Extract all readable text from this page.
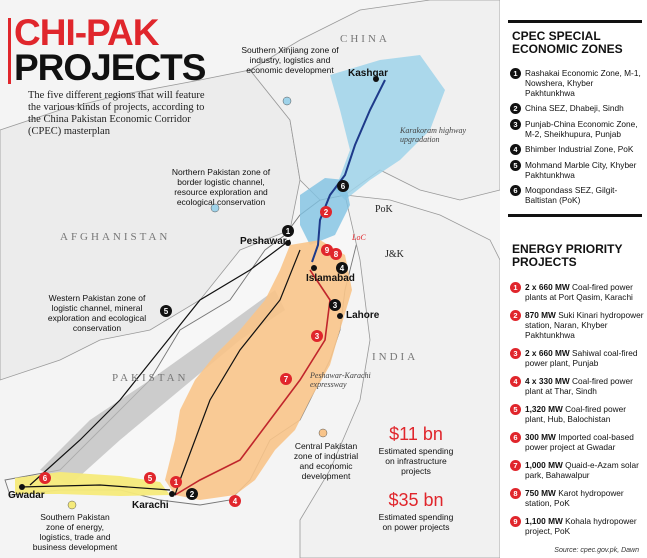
1
2
3
4
5
6
1
2
3
4
5
6
7
8
9
CHI-PAK
PROJECTS
The five different regions that will feature the various kinds of projects, according to the China Pakistan Economic Corridor (CPEC) masterplan
CHINA
AFGHANISTAN
PAKISTAN
INDIA
Kashgar
Peshawar
Islamabad
Lahore
Karachi
Gwadar
PoK
J&K
LoC
Karakoram highway upgradation
Peshawar-Karachi expressway
Southern Xinjiang zone of industry, logistics and economic development
Northern Pakistan zone of border logistic channel, resource exploration and ecological conservation
Western Pakistan zone of logistic channel, mineral exploration and ecological conservation
Central Pakistan zone of industrial and economic development
Southern Pakistan zone of energy, logistics, trade and business development
$11 bn
Estimated spending on infrastructure projects
$35 bn
Estimated spending on power projects
CPEC SPECIAL ECONOMIC ZONES
1 Rashakai Economic Zone, M-1, Nowshera, Khyber Pakhtunkhwa
2 China SEZ, Dhabeji, Sindh
3 Punjab-China Economic Zone, M-2, Sheikhupura, Punjab
4 Bhimber Industrial Zone, PoK
5 Mohmand Marble City, Khyber Pakhtunkhwa
6 Moqpondass SEZ, Gilgit-Baltistan (PoK)
ENERGY PRIORITY PROJECTS
1 2 x 660 MW Coal-fired power plants at Port Qasim, Karachi
2 870 MW Suki Kinari hydropower station, Naran, Khyber Pakhtunkhwa
3 2 x 660 MW Sahiwal coal-fired power plant, Punjab
4 4 x 330 MW Coal-fired power plant at Thar, Sindh
5 1,320 MW Coal-fired power plant, Hub, Balochistan
6 300 MW Imported coal-based power project at Gwadar
7 1,000 MW Quaid-e-Azam solar park, Bahawalpur
8 750 MW Karot hydropower station, PoK
9 1,100 MW Kohala hydropower project, PoK
Source: cpec.gov.pk, Dawn
